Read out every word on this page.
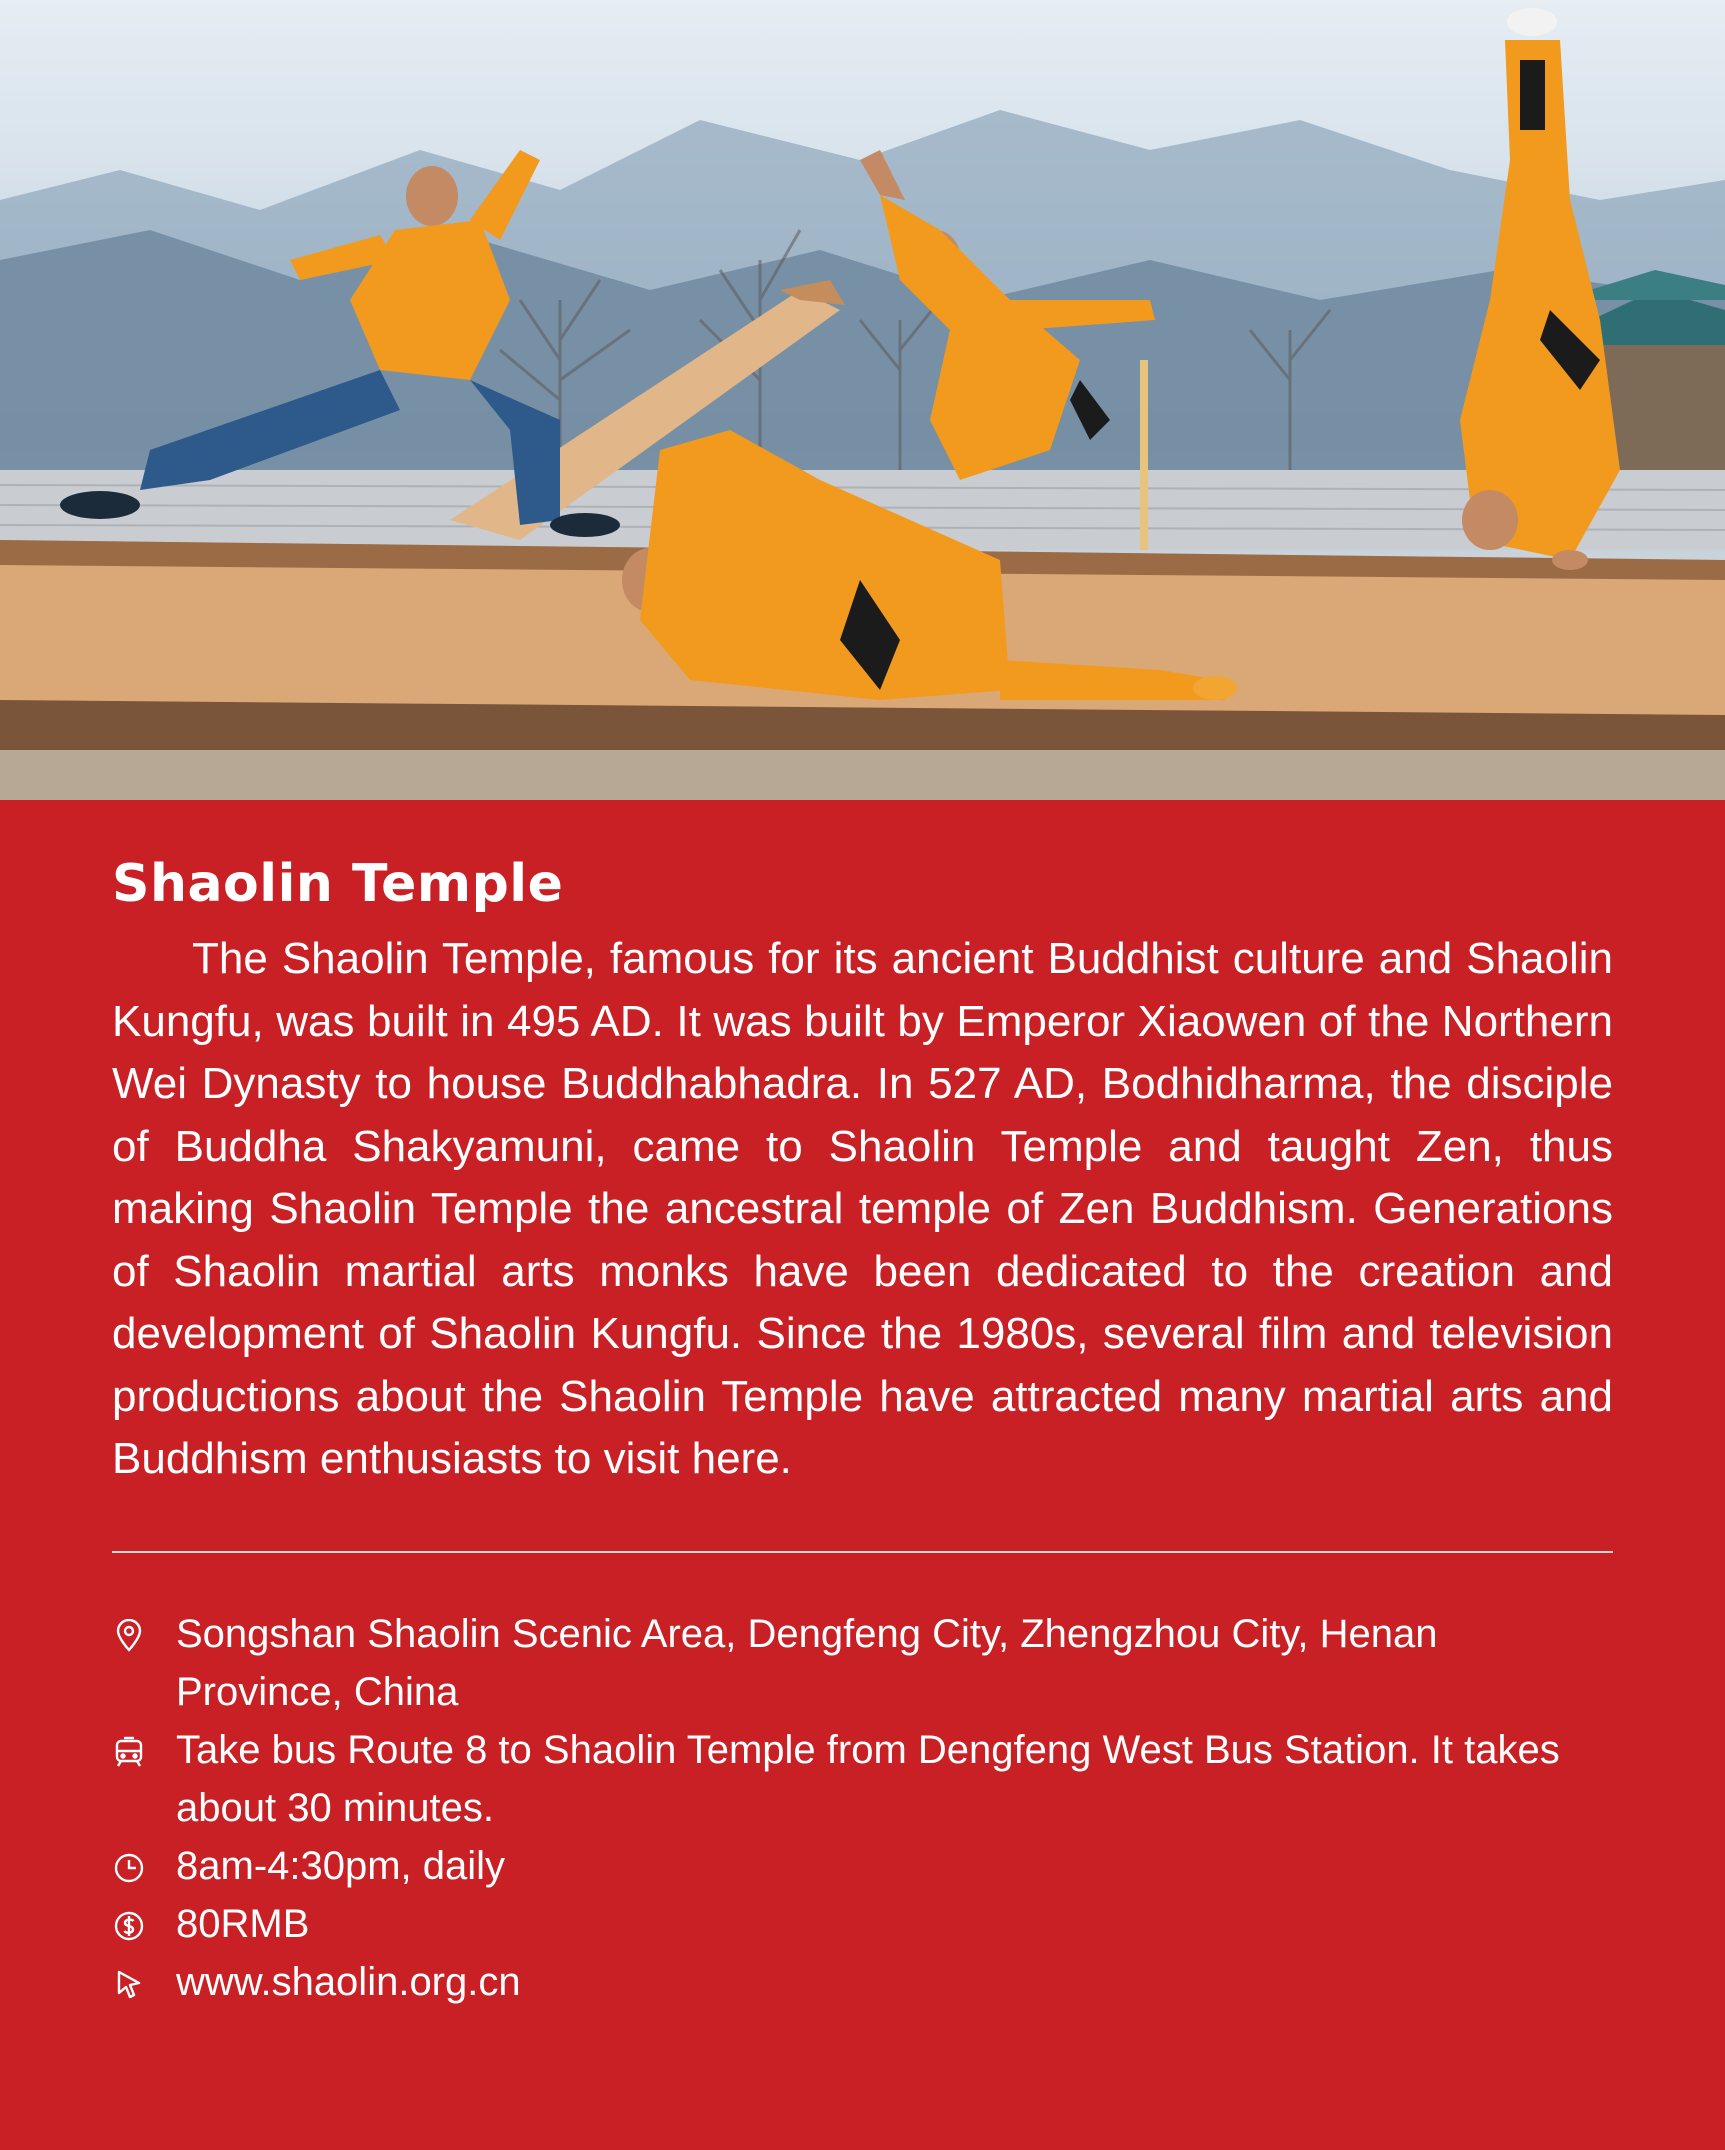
Shaolin Temple

The Shaolin Temple, famous for its ancient Buddhist culture and Shaolin Kungfu, was built in 495 AD. It was built by Emperor Xiaowen of the Northern Wei Dynasty to house Buddhabhadra. In 527 AD, Bodhidharma, the disciple of Buddha Shakyamuni, came to Shaolin Temple and taught Zen, thus making Shaolin Temple the ancestral temple of Zen Buddhism. Generations of Shaolin martial arts monks have been dedicated to the creation and development of Shaolin Kungfu. Since the 1980s, several film and television productions about the Shaolin Temple have attracted many martial arts and Buddhism enthusiasts to visit here.

Songshan Shaolin Scenic Area, Dengfeng City, Zhengzhou City, Henan Province, China
Take bus Route 8 to Shaolin Temple from Dengfeng West Bus Station. It takes about 30 minutes.
8am-4:30pm, daily
80RMB
www.shaolin.org.cn
